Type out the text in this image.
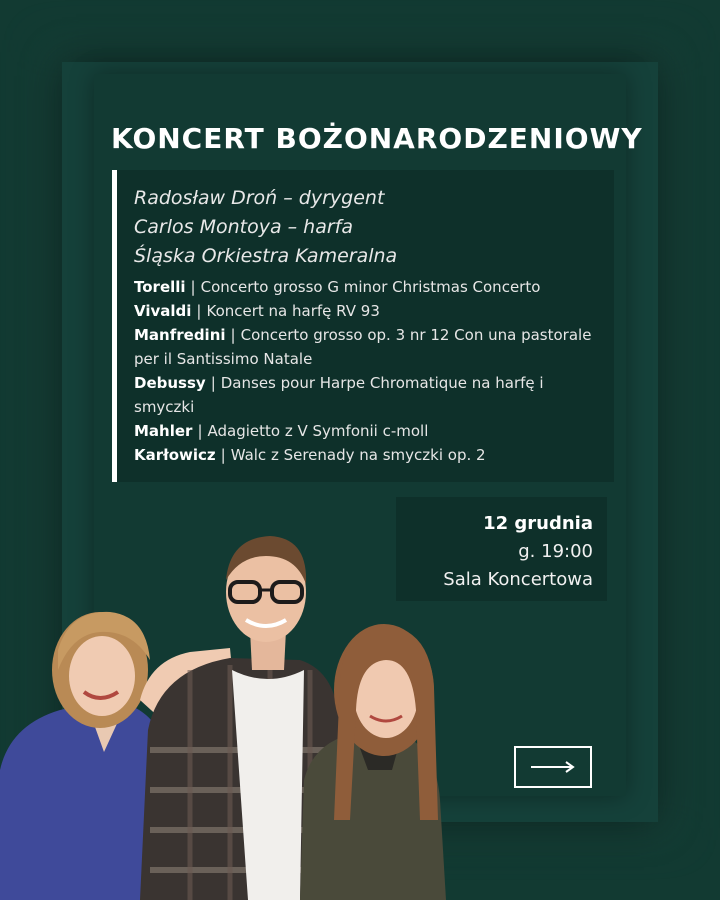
KONCERT BOŻONARODZENIOWY
Radosław Droń – dyrygent
Carlos Montoya – harfa
Śląska Orkiestra Kameralna
Torelli | Concerto grosso G minor Christmas Concerto
Vivaldi | Koncert na harfę RV 93
Manfredini | Concerto grosso op. 3 nr 12 Con una pastorale per il Santissimo Natale
Debussy | Danses pour Harpe Chromatique na harfę i smyczki
Mahler | Adagietto z V Symfonii c-moll
Karłowicz | Walc z Serenady na smyczki op. 2
12 grudnia
g. 19:00
Sala Koncertowa
